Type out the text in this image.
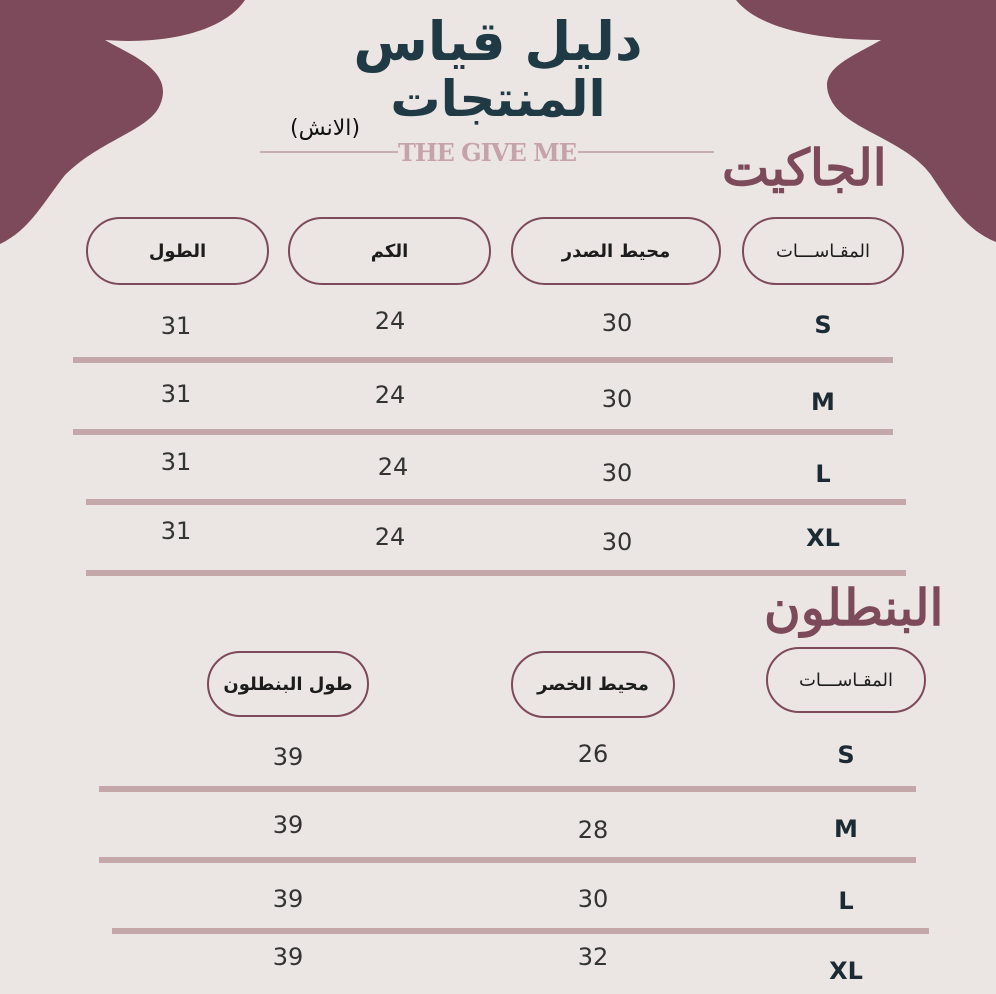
دليل قياس
المنتجات
(الانش)
THE GIVE ME	الجاكيت
المقـاســـات
محيط الصدر
الكم
الطول
S
30
24
31
M
30
24
31
L
30
24
31
XL
30
24
31
البنطلون
المقـاســـات
محيط الخصر
طول البنطلون
S
26
39
M
28
39
L
30
39
XL
32
39
